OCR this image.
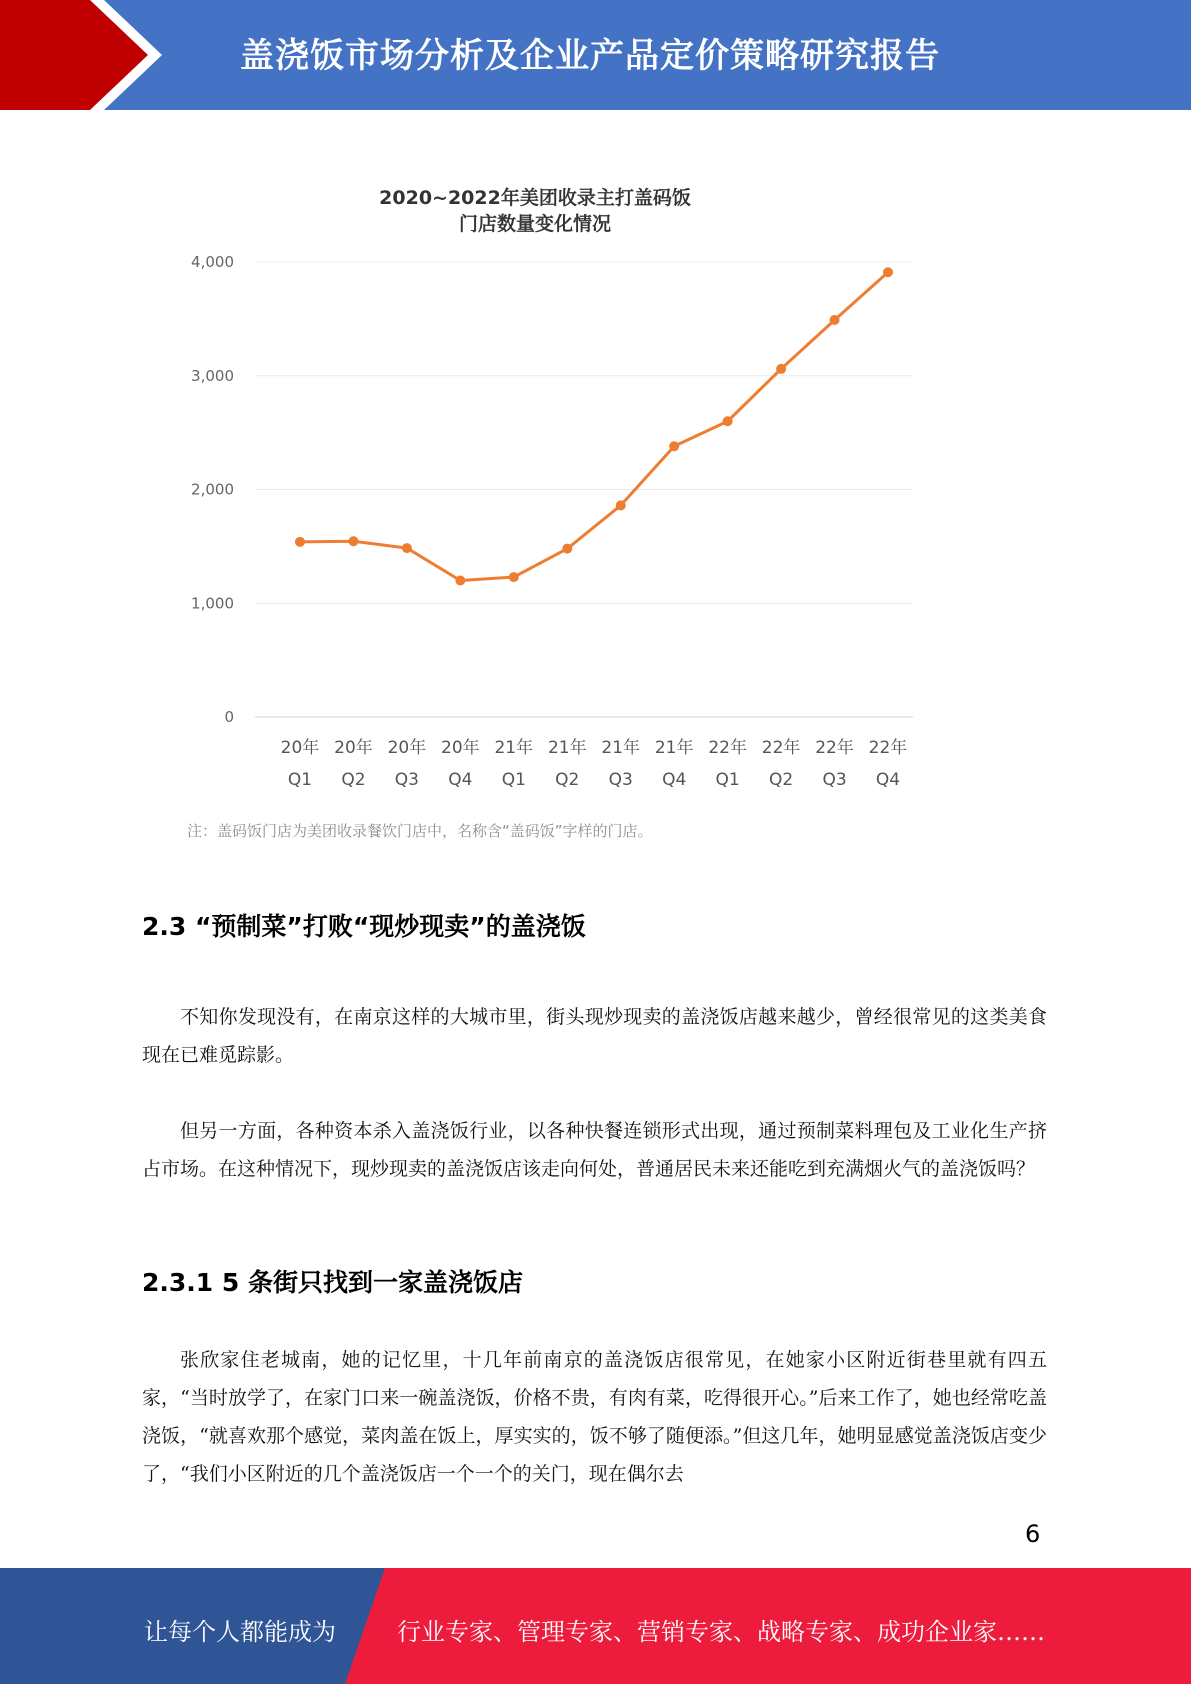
盖浇饭市场分析及企业产品定价策略研究报告
2020~2022年美团收录主打盖码饭
门店数量变化情况
0
1,000
2,000
3,000
4,000
20年
Q1
20年
Q2
20年
Q3
20年
Q4
21年
Q1
21年
Q2
21年
Q3
21年
Q4
22年
Q1
22年
Q2
22年
Q3
22年
Q4
注：盖码饭门店为美团收录餐饮门店中，名称含“盖码饭”字样的门店。
2.3 “预制菜”打败“现炒现卖”的盖浇饭
不知你发现没有，在南京这样的大城市里，街头现炒现卖的盖浇饭店越来越少，曾经很常见的这类美食现在已难觅踪影。
但另一方面，各种资本杀入盖浇饭行业，以各种快餐连锁形式出现，通过预制菜料理包及工业化生产挤占市场。在这种情况下，现炒现卖的盖浇饭店该走向何处，普通居民未来还能吃到充满烟火气的盖浇饭吗？
2.3.1 5 条街只找到一家盖浇饭店
张欣家住老城南，她的记忆里，十几年前南京的盖浇饭店很常见，在她家小区附近街巷里就有四五家，“当时放学了，在家门口来一碗盖浇饭，价格不贵，有肉有菜，吃得很开心。”后来工作了，她也经常吃盖浇饭，“就喜欢那个感觉，菜肉盖在饭上，厚实实的，饭不够了随便添。”但这几年，她明显感觉盖浇饭店变少了，“我们小区附近的几个盖浇饭店一个一个的关门，现在偶尔去
6
让每个人都能成为	行业专家、管理专家、营销专家、战略专家、成功企业家……
